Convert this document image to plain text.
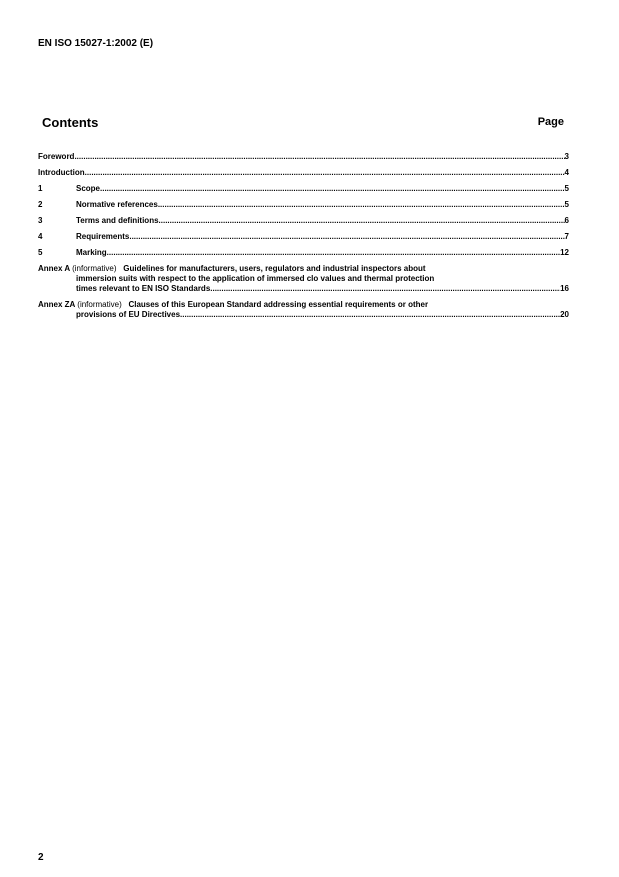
EN ISO 15027-1:2002 (E)
Contents	Page
Foreword .....	3
Introduction .....	4
1	Scope .....	5
2	Normative references .....	5
3	Terms and definitions .....	6
4	Requirements .....	7
5	Marking .....	12
Annex A (informative) Guidelines for manufacturers, users, regulators and industrial inspectors about
immersion suits with respect to the application of immersed clo values and thermal protection
times relevant to EN ISO Standards .....	16
Annex ZA (informative) Clauses of this European Standard addressing essential requirements or other
provisions of EU Directives. .....	20
2
